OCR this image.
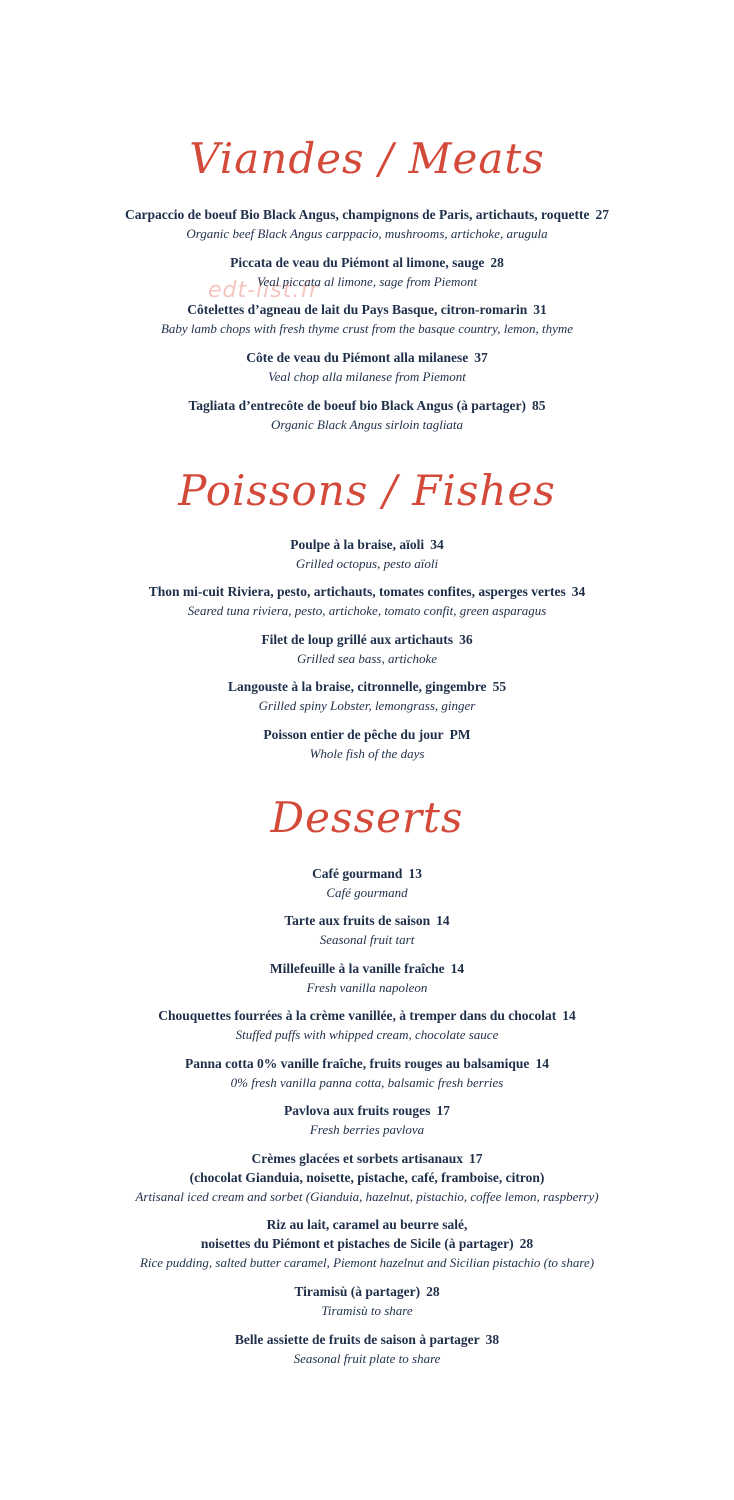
edt-list.fr
Viandes / Meats
Carpaccio de boeuf Bio Black Angus, champignons de Paris, artichauts, roquette 27
Organic beef Black Angus carppacio, mushrooms, artichoke, arugula
Piccata de veau du Piémont al limone, sauge 28
Veal piccata al limone, sage from Piemont
Côtelettes d’agneau de lait du Pays Basque, citron-romarin 31
Baby lamb chops with fresh thyme crust from the basque country, lemon, thyme
Côte de veau du Piémont alla milanese 37
Veal chop alla milanese from Piemont
Tagliata d’entrecôte de boeuf bio Black Angus (à partager) 85
Organic Black Angus sirloin tagliata
Poissons / Fishes
Poulpe à la braise, aïoli 34
Grilled octopus, pesto aïoli
Thon mi-cuit Riviera, pesto, artichauts, tomates confites, asperges vertes 34
Seared tuna riviera, pesto, artichoke, tomato confit, green asparagus
Filet de loup grillé aux artichauts 36
Grilled sea bass, artichoke
Langouste à la braise, citronnelle, gingembre 55
Grilled spiny Lobster, lemongrass, ginger
Poisson entier de pêche du jour PM
Whole fish of the days
Desserts
Café gourmand 13
Café gourmand
Tarte aux fruits de saison 14
Seasonal fruit tart
Millefeuille à la vanille fraîche 14
Fresh vanilla napoleon
Chouquettes fourrées à la crème vanillée, à tremper dans du chocolat 14
Stuffed puffs with whipped cream, chocolate sauce
Panna cotta 0% vanille fraîche, fruits rouges au balsamique 14
0% fresh vanilla panna cotta, balsamic fresh berries
Pavlova aux fruits rouges 17
Fresh berries pavlova
Crèmes glacées et sorbets artisanaux 17
(chocolat Gianduia, noisette, pistache, café, framboise, citron)
Artisanal iced cream and sorbet (Gianduia, hazelnut, pistachio, coffee lemon, raspberry)
Riz au lait, caramel au beurre salé,
noisettes du Piémont et pistaches de Sicile (à partager) 28
Rice pudding, salted butter caramel, Piemont hazelnut and Sicilian pistachio (to share)
Tiramisù (à partager) 28
Tiramisù to share
Belle assiette de fruits de saison à partager 38
Seasonal fruit plate to share
